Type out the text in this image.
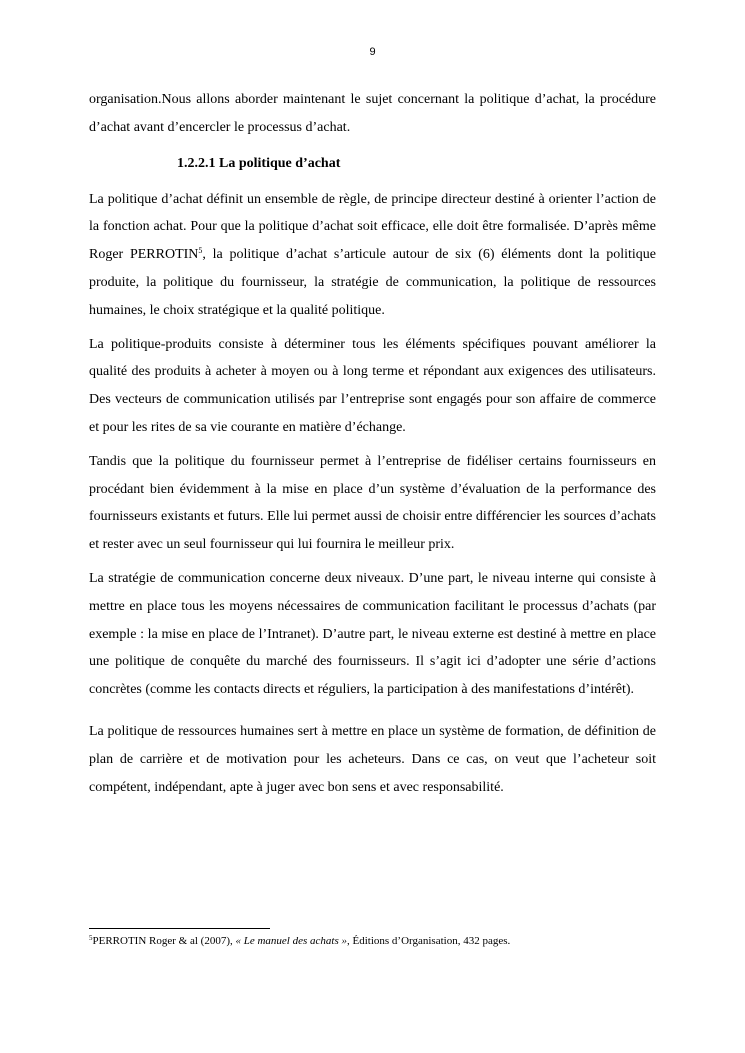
9

organisation.Nous allons aborder maintenant le sujet concernant la politique d’achat, la procédure d’achat avant d’encercler le processus d’achat.

1.2.2.1 La politique d’achat

La politique d’achat définit un ensemble de règle, de principe directeur destiné à orienter l’action de la fonction achat. Pour que la politique d’achat soit efficace, elle doit être formalisée. D’après même Roger PERROTIN$^5$, la politique d’achat s’articule autour de six (6) éléments dont la politique produite, la politique du fournisseur, la stratégie de communication, la politique de ressources humaines, le choix stratégique et la qualité politique.

La politique-produits consiste à déterminer tous les éléments spécifiques pouvant améliorer la qualité des produits à acheter à moyen ou à long terme et répondant aux exigences des utilisateurs. Des vecteurs de communication utilisés par l’entreprise sont engagés pour son affaire de commerce et pour les rites de sa vie courante en matière d’échange.

Tandis que la politique du fournisseur permet à l’entreprise de fidéliser certains fournisseurs en procédant bien évidemment à la mise en place d’un système d’évaluation de la performance des fournisseurs existants et futurs. Elle lui permet aussi de choisir entre différencier les sources d’achats et rester avec un seul fournisseur qui lui fournira le meilleur prix.

La stratégie de communication concerne deux niveaux. D’une part, le niveau interne qui consiste à mettre en place tous les moyens nécessaires de communication facilitant le processus d’achats (par exemple : la mise en place de l’Intranet). D’autre part, le niveau externe est destiné à mettre en place une politique de conquête du marché des fournisseurs. Il s’agit ici d’adopter une série d’actions concrètes (comme les contacts directs et réguliers, la participation à des manifestations d’intérêt).

La politique de ressources humaines sert à mettre en place un système de formation, de définition de plan de carrière et de motivation pour les acheteurs. Dans ce cas, on veut que l’acheteur soit compétent, indépendant, apte à juger avec bon sens et avec responsabilité.

$^5$PERROTIN Roger & al (2007), « Le manuel des achats », Éditions d’Organisation, 432 pages.
